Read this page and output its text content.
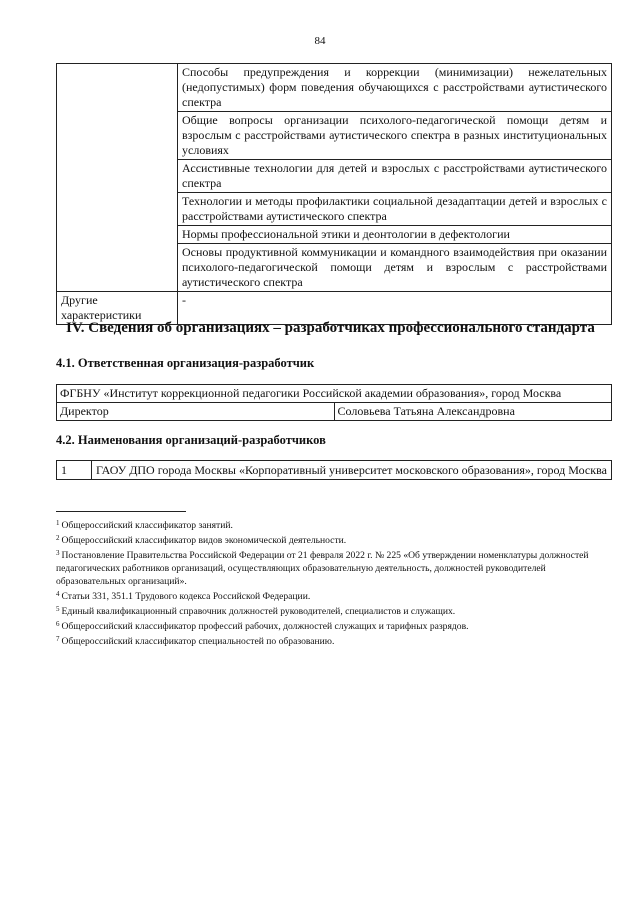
84
	Способы предупреждения и коррекции (минимизации) нежелательных (недопустимых) форм поведения обучающихся с расстройствами аутистического спектра
	Общие вопросы организации психолого-педагогической помощи детям и взрослым с расстройствами аутистического спектра в разных институциональных условиях
	Ассистивные технологии для детей и взрослых с расстройствами аутистического спектра
	Технологии и методы профилактики социальной дезадаптации детей и взрослых с расстройствами аутистического спектра
	Нормы профессиональной этики и деонтологии в дефектологии
	Основы продуктивной коммуникации и командного взаимодействия при оказании психолого-педагогической помощи детям и взрослым с расстройствами аутистического спектра
Другие характеристики	-
IV. Сведения об организациях – разработчиках профессионального стандарта
4.1. Ответственная организация-разработчик
ФГБНУ «Институт коррекционной педагогики Российской академии образования», город Москва
Директор	Соловьева Татьяна Александровна
4.2. Наименования организаций-разработчиков
1	ГАОУ ДПО города Москвы «Корпоративный университет московского образования», город Москва

$^1$ Общероссийский классификатор занятий.

$^2$ Общероссийский классификатор видов экономической деятельности.

$^3$ Постановление Правительства Российской Федерации от 21 февраля 2022 г. № 225 «Об утверждении номенклатуры должностей педагогических работников организаций, осуществляющих образовательную деятельность, должностей руководителей образовательных организаций».

$^4$ Статьи 331, 351.1 Трудового кодекса Российской Федерации.

$^5$ Единый квалификационный справочник должностей руководителей, специалистов и служащих.

$^6$ Общероссийский классификатор профессий рабочих, должностей служащих и тарифных разрядов.

$^7$ Общероссийский классификатор специальностей по образованию.
